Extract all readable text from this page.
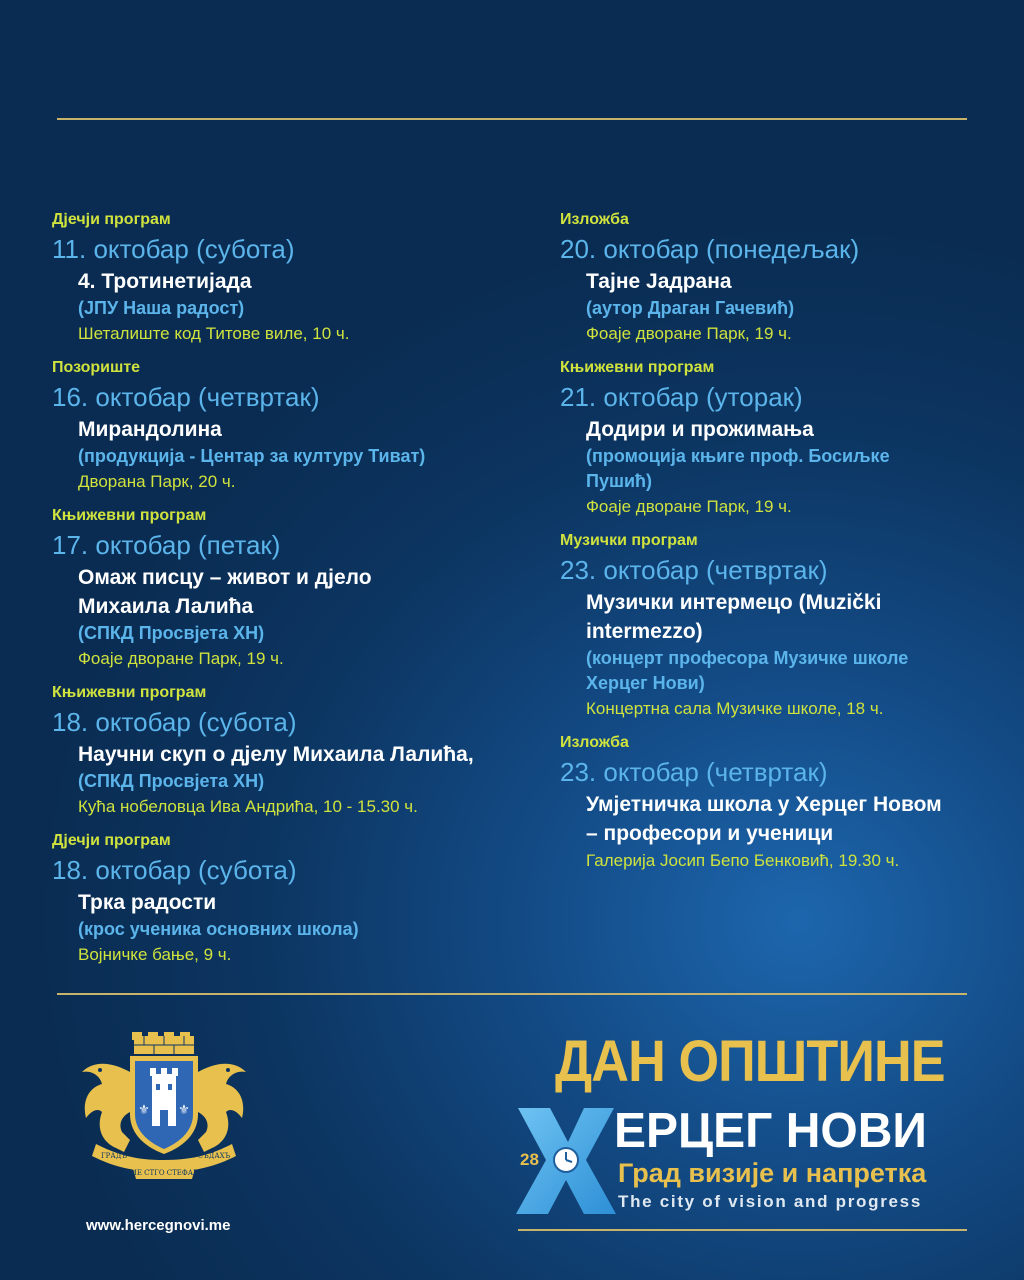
Дјечји програм
11. октобар (субота)
4. Тротинетијада
(ЈПУ Наша радост)
Шеталиште код Титове виле, 10 ч.
Позориште
16. октобар (четвртак)
Мирандолина
(продукција - Центар за културу Тиват)
Дворана Парк, 20 ч.
Књижевни програм
17. октобар (петак)
Омаж писцу – живот и дјело Михаила Лалића
(СПКД Просвјета ХН)
Фоаје дворане Парк, 19 ч.
Књижевни програм
18. октобар (субота)
Научни скуп о дјелу Михаила Лалића,
(СПКД Просвјета ХН)
Кућа нобеловца Ива Андрића, 10 - 15.30 ч.
Дјечји програм
18. октобар (субота)
Трка радости
(крос ученика основних школа)
Војничке бање, 9 ч.
Изложба
20. октобар (понедељак)
Тајне Јадрана
(аутор Драган Гачевић)
Фоаје дворане Парк, 19 ч.
Књижевни програм
21. октобар (уторак)
Додири и прожимања
(промоција књиге проф. Босиљке Пушић)
Фоаје дворане Парк, 19 ч.
Музички програм
23. октобар (четвртак)
Музички интермецо (Muzički intermezzo)
(концерт професора Музичке школе Херцег Нови)
Концертна сала Музичке школе, 18 ч.
Изложба
23. октобар (четвртак)
Умјетничка школа у Херцег Новом – професори и ученици
Галерија Јосип Бепо Бенковић, 19.30 ч.
⚜ ⚜
ГРАДЪ	СЪДАХЪ
ИМЕ СТГО СТЕФАНА
www.hercegnovi.me
ДАН ОПШТИНЕ
28
ЕРЦЕГ НОВИ
Град визије и напретка
The city of vision and progress
